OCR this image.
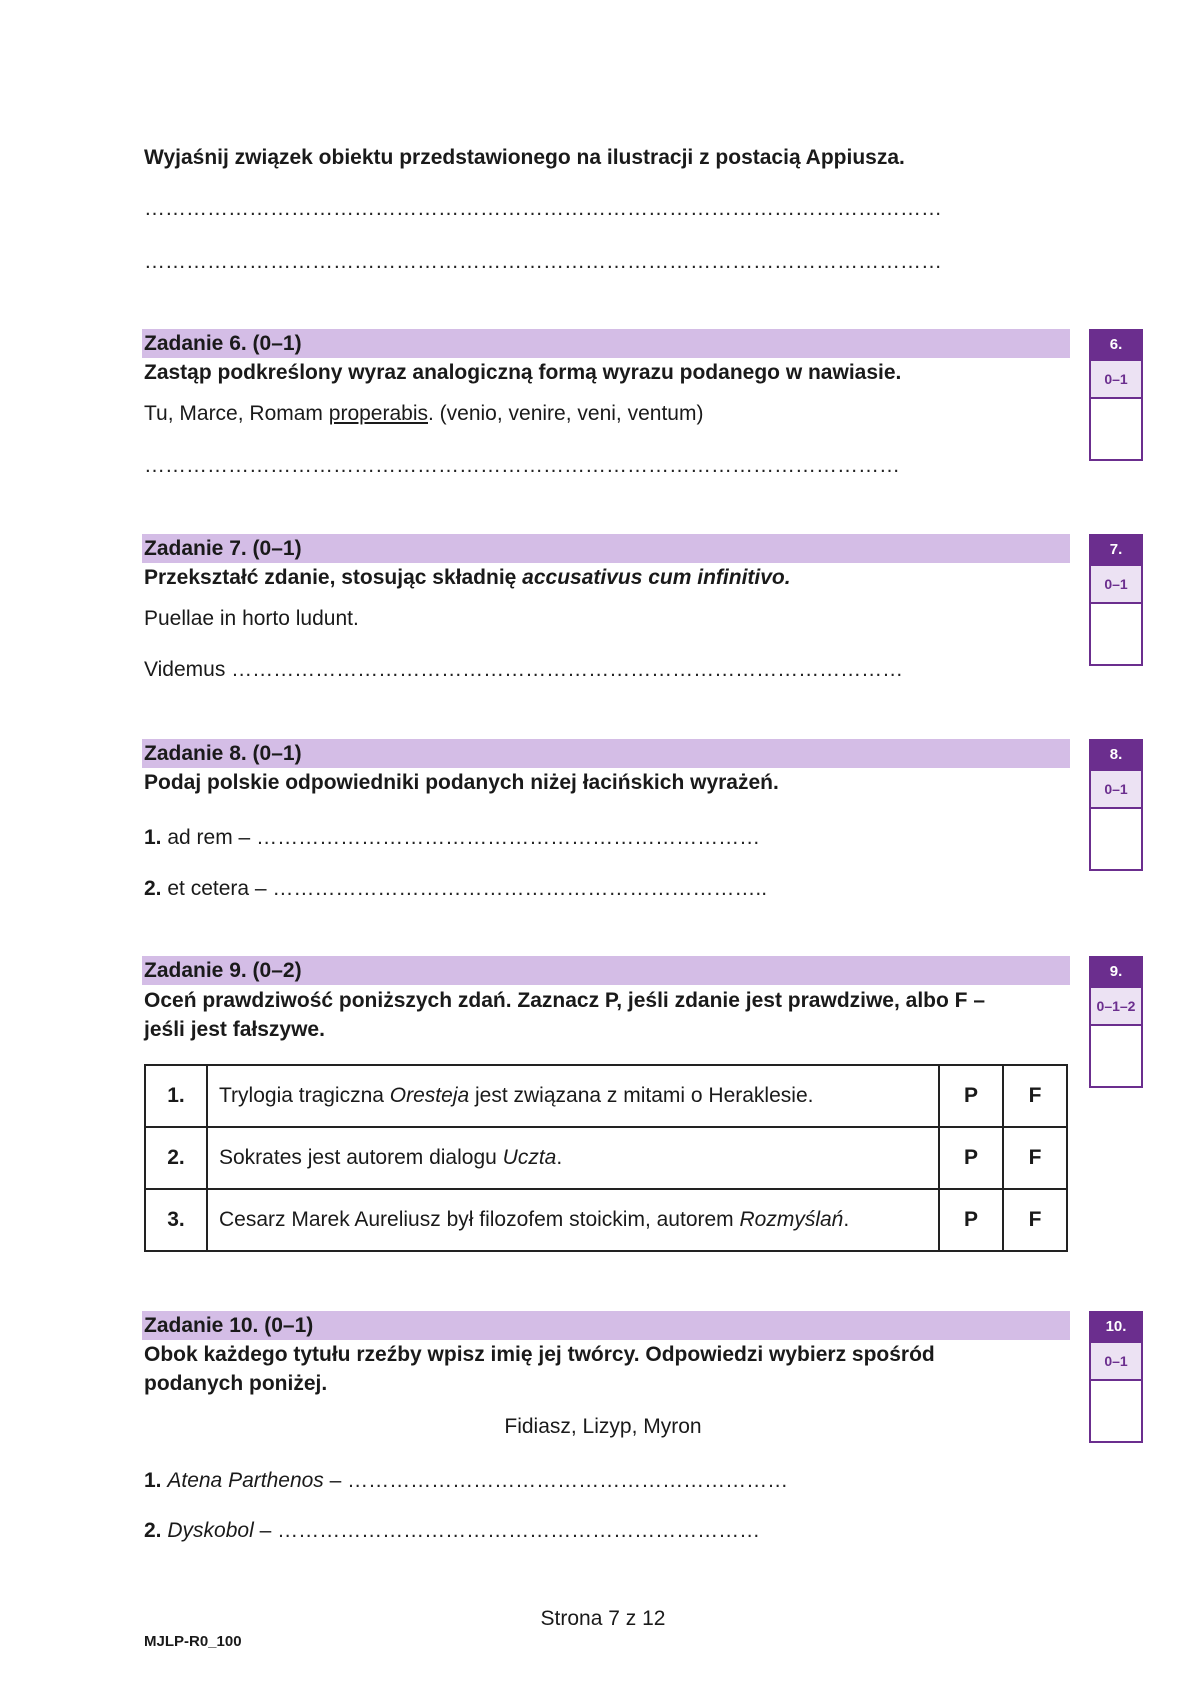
Wyjaśnij związek obiektu przedstawionego na ilustracji z postacią Appiusza.
……………………………………………………………………………………………………
……………………………………………………………………………………………………
Zadanie 6. (0–1)
Zastąp podkreślony wyraz analogiczną formą wyrazu podanego w nawiasie.
Tu, Marce, Romam properabis. (venio, venire, veni, ventum)
………………………………………………………………………………………………
6.
0–1
Zadanie 7. (0–1)
Przekształć zdanie, stosując składnię accusativus cum infinitivo.
Puellae in horto ludunt.
Videmus ……………………………………………………………………………………
7.
0–1
Zadanie 8. (0–1)
Podaj polskie odpowiedniki podanych niżej łacińskich wyrażeń.
1. ad rem – ………………………………………………………………
2. et cetera – ……………………………………………………………..
8.
0–1
Zadanie 9. (0–2)
Oceń prawdziwość poniższych zdań. Zaznacz P, jeśli zdanie jest prawdziwe, albo F –
jeśli jest fałszywe.
1.	Trylogia tragiczna Oresteja jest związana z mitami o Heraklesie.	P	F
2.	Sokrates jest autorem dialogu Uczta.	P	F
3.	Cesarz Marek Aureliusz był filozofem stoickim, autorem Rozmyślań.	P	F
9.
0–1–2
Zadanie 10. (0–1)
Obok każdego tytułu rzeźby wpisz imię jej twórcy. Odpowiedzi wybierz spośród
podanych poniżej.
Fidiasz, Lizyp, Myron
1. Atena Parthenos – ………………………………………………………
2. Dyskobol – ……………………………………………………………
10.
0–1
Strona 7 z 12
MJLP-R0_100
